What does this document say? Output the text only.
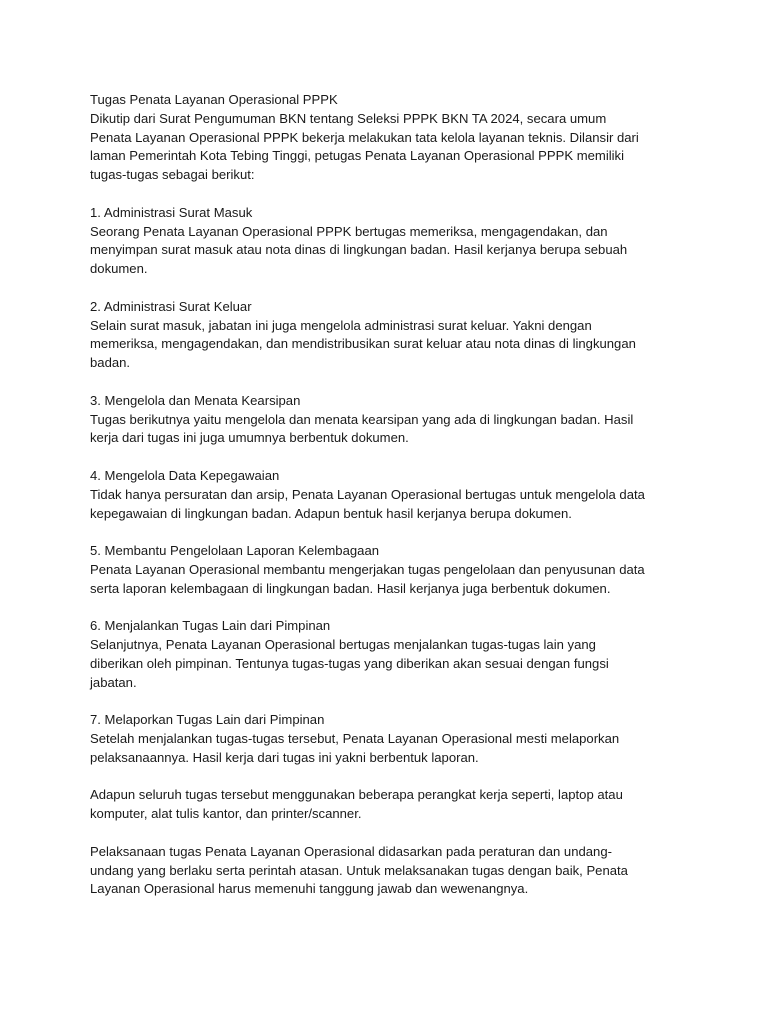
Tugas Penata Layanan Operasional PPPK

Dikutip dari Surat Pengumuman BKN tentang Seleksi PPPK BKN TA 2024, secara umum
Penata Layanan Operasional PPPK bekerja melakukan tata kelola layanan teknis. Dilansir dari
laman Pemerintah Kota Tebing Tinggi, petugas Penata Layanan Operasional PPPK memiliki
tugas-tugas sebagai berikut:

1. Administrasi Surat Masuk

Seorang Penata Layanan Operasional PPPK bertugas memeriksa, mengagendakan, dan
menyimpan surat masuk atau nota dinas di lingkungan badan. Hasil kerjanya berupa sebuah
dokumen.

2. Administrasi Surat Keluar

Selain surat masuk, jabatan ini juga mengelola administrasi surat keluar. Yakni dengan
memeriksa, mengagendakan, dan mendistribusikan surat keluar atau nota dinas di lingkungan
badan.

3. Mengelola dan Menata Kearsipan

Tugas berikutnya yaitu mengelola dan menata kearsipan yang ada di lingkungan badan. Hasil
kerja dari tugas ini juga umumnya berbentuk dokumen.

4. Mengelola Data Kepegawaian

Tidak hanya persuratan dan arsip, Penata Layanan Operasional bertugas untuk mengelola data
kepegawaian di lingkungan badan. Adapun bentuk hasil kerjanya berupa dokumen.

5. Membantu Pengelolaan Laporan Kelembagaan

Penata Layanan Operasional membantu mengerjakan tugas pengelolaan dan penyusunan data
serta laporan kelembagaan di lingkungan badan. Hasil kerjanya juga berbentuk dokumen.

6. Menjalankan Tugas Lain dari Pimpinan

Selanjutnya, Penata Layanan Operasional bertugas menjalankan tugas-tugas lain yang
diberikan oleh pimpinan. Tentunya tugas-tugas yang diberikan akan sesuai dengan fungsi
jabatan.

7. Melaporkan Tugas Lain dari Pimpinan

Setelah menjalankan tugas-tugas tersebut, Penata Layanan Operasional mesti melaporkan
pelaksanaannya. Hasil kerja dari tugas ini yakni berbentuk laporan.

Adapun seluruh tugas tersebut menggunakan beberapa perangkat kerja seperti, laptop atau
komputer, alat tulis kantor, dan printer/scanner.

Pelaksanaan tugas Penata Layanan Operasional didasarkan pada peraturan dan undang-
undang yang berlaku serta perintah atasan. Untuk melaksanakan tugas dengan baik, Penata
Layanan Operasional harus memenuhi tanggung jawab dan wewenangnya.
